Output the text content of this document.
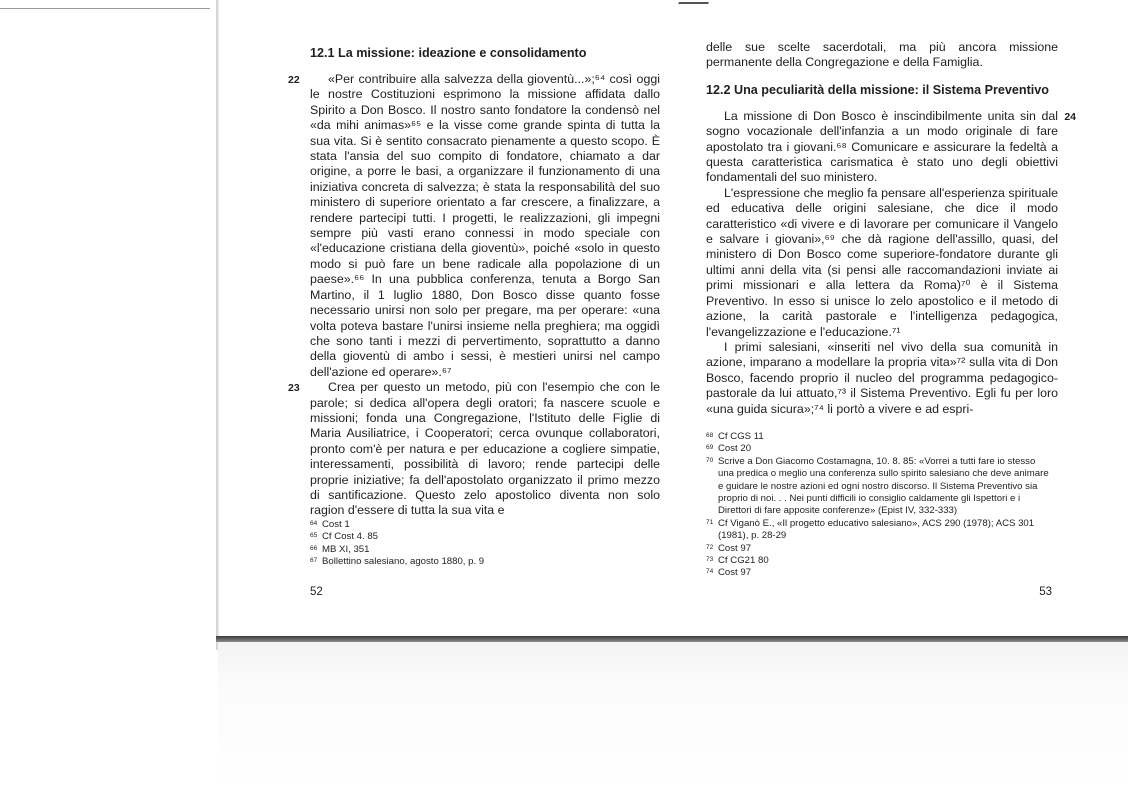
12.1 La missione: ideazione e consolidamento

22 «Per contribuire alla salvezza della gioventù...»;⁶⁴ così oggi le nostre Costituzioni esprimono la missione affidata dallo Spirito a Don Bosco. Il nostro santo fondatore la condensò nel «da mihi animas»⁶⁵ e la visse come grande spinta di tutta la sua vita. Si è sentito consacrato pienamente a questo scopo. È stata l'ansia del suo compito di fondatore, chiamato a dar origine, a porre le basi, a organizzare il funzionamento di una iniziativa concreta di salvezza; è stata la responsabilità del suo ministero di superiore orientato a far crescere, a finalizzare, a rendere partecipi tutti. I progetti, le realizzazioni, gli impegni sempre più vasti erano connessi in modo speciale con «l'educazione cristiana della gioventù», poiché «solo in questo modo si può fare un bene radicale alla popolazione di un paese».⁶⁶ In una pubblica conferenza, tenuta a Borgo San Martino, il 1 luglio 1880, Don Bosco disse quanto fosse necessario unirsi non solo per pregare, ma per operare: «una volta poteva bastare l'unirsi insieme nella preghiera; ma oggidì che sono tanti i mezzi di pervertimento, soprattutto a danno della gioventù di ambo i sessi, è mestieri unirsi nel campo dell'azione ed operare».⁶⁷

23 Crea per questo un metodo, più con l'esempio che con le parole; si dedica all'opera degli oratori; fa nascere scuole e missioni; fonda una Congregazione, l'Istituto delle Figlie di Maria Ausiliatrice, i Cooperatori; cerca ovunque collaboratori, pronto com'è per natura e per educazione a cogliere simpatie, interessamenti, possibilità di lavoro; rende partecipi delle proprie iniziative; fa dell'apostolato organizzato il primo mezzo di santificazione. Questo zelo apostolico diventa non solo ragion d'essere di tutta la sua vita e

64 Cost 1
65 Cf Cost 4. 85
66 MB XI, 351
67 Bollettino salesiano, agosto 1880, p. 9
52

delle sue scelte sacerdotali, ma più ancora missione permanente della Congregazione e della Famiglia.

12.2 Una peculiarità della missione: il Sistema Preventivo

24
La missione di Don Bosco è inscindibilmente unita sin dal sogno vocazionale dell'infanzia a un modo originale di fare apostolato tra i giovani.⁶⁸ Comunicare e assicurare la fedeltà a questa caratteristica carismatica è stato uno degli obiettivi fondamentali del suo ministero.

L'espressione che meglio fa pensare all'esperienza spirituale ed educativa delle origini salesiane, che dice il modo caratteristico «di vivere e di lavorare per comunicare il Vangelo e salvare i giovani»,⁶⁹ che dà ragione dell'assillo, quasi, del ministero di Don Bosco come superiore-fondatore durante gli ultimi anni della vita (si pensi alle raccomandazioni inviate ai primi missionari e alla lettera da Roma)⁷⁰ è il Sistema Preventivo. In esso si unisce lo zelo apostolico e il metodo di azione, la carità pastorale e l'intelligenza pedagogica, l'evangelizzazione e l'educazione.⁷¹

I primi salesiani, «inseriti nel vivo della sua comunità in azione, imparano a modellare la propria vita»⁷² sulla vita di Don Bosco, facendo proprio il nucleo del programma pedagogico-pastorale da lui attuato,⁷³ il Sistema Preventivo. Egli fu per loro «una guida sicura»;⁷⁴ li portò a vivere e ad espri-

68 Cf CGS 11
69 Cost 20
70 Scrive a Don Giacomo Costamagna, 10. 8. 85: «Vorrei a tutti fare io stesso una predica o meglio una conferenza sullo spirito salesiano che deve animare e guidare le nostre azioni ed ogni nostro discorso. Il Sistema Preventivo sia proprio di noi. . . Nei punti difficili io consiglio caldamente gli Ispettori e i Direttori di fare apposite conferenze» (Epist IV, 332-333)
71 Cf Viganò E., «Il progetto educativo salesiano», ACS 290 (1978); ACS 301 (1981), p. 28-29
72 Cost 97
73 Cf CG21 80
74 Cost 97
53
